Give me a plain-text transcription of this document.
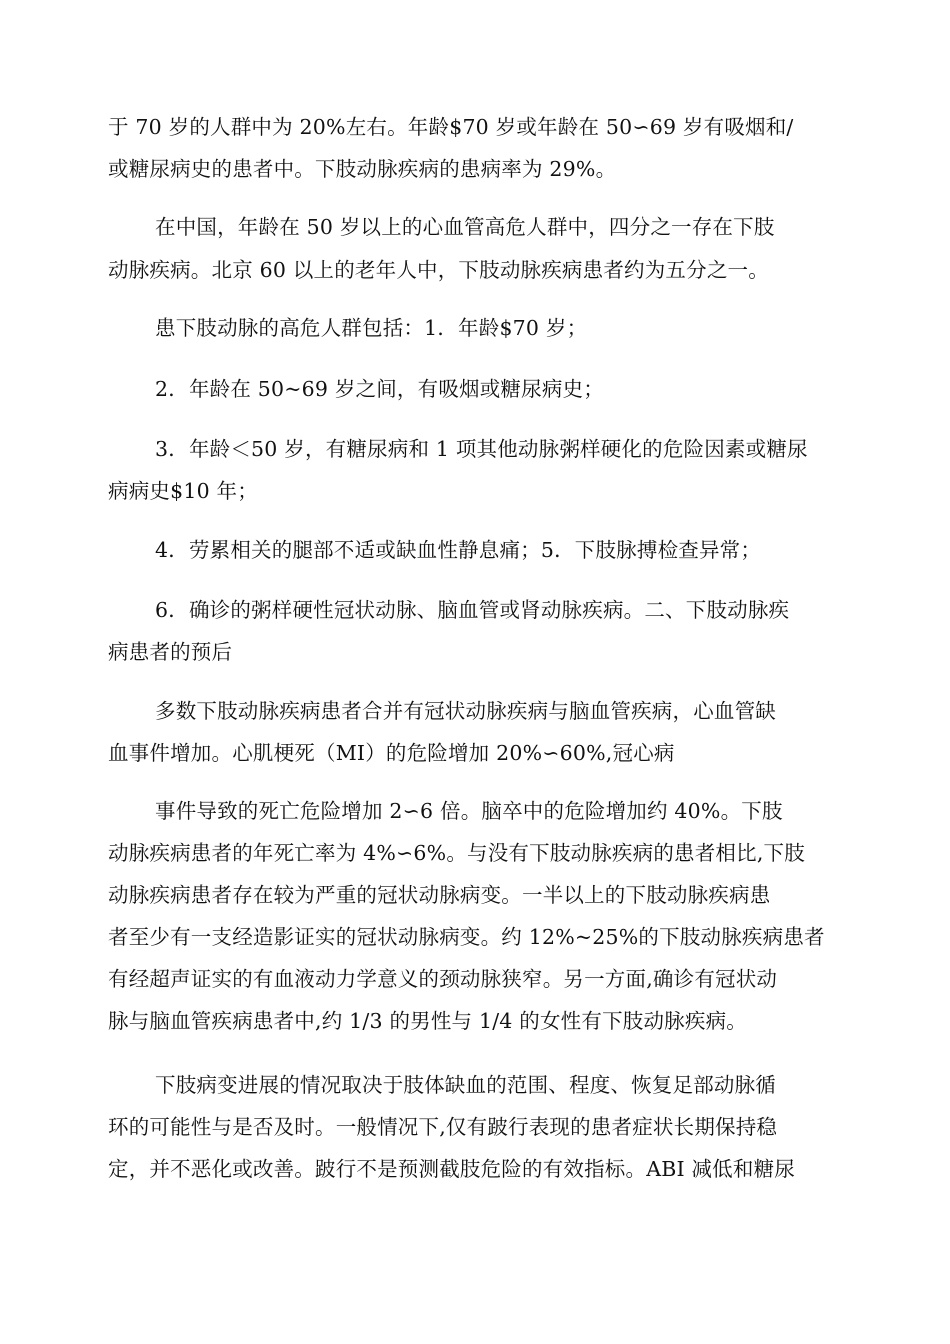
于 70 岁的人群中为 20%左右。年龄$70 岁或年龄在 50∽69 岁有吸烟和/
或糖尿病史的患者中。下肢动脉疾病的患病率为 29%。
在中国，年龄在 50 岁以上的心血管高危人群中，四分之一存在下肢
动脉疾病。北京 60 以上的老年人中，下肢动脉疾病患者约为五分之一。
患下肢动脉的高危人群包括：1．年龄$70 岁；
2．年龄在 50~69 岁之间，有吸烟或糖尿病史；
3．年龄＜50 岁，有糖尿病和 1 项其他动脉粥样硬化的危险因素或糖尿
病病史$10 年；
4．劳累相关的腿部不适或缺血性静息痛；5．下肢脉搏检查异常；
6．确诊的粥样硬性冠状动脉、脑血管或肾动脉疾病。二、下肢动脉疾
病患者的预后
多数下肢动脉疾病患者合并有冠状动脉疾病与脑血管疾病，心血管缺
血事件增加。心肌梗死（MI）的危险增加 20%∽60%,冠心病
事件导致的死亡危险增加 2∽6 倍。脑卒中的危险增加约 40%。下肢
动脉疾病患者的年死亡率为 4%∽6%。与没有下肢动脉疾病的患者相比,下肢
动脉疾病患者存在较为严重的冠状动脉病变。一半以上的下肢动脉疾病患
者至少有一支经造影证实的冠状动脉病变。约 12%~25%的下肢动脉疾病患者
有经超声证实的有血液动力学意义的颈动脉狭窄。另一方面,确诊有冠状动
脉与脑血管疾病患者中,约 1/3 的男性与 1/4 的女性有下肢动脉疾病。
下肢病变进展的情况取决于肢体缺血的范围、程度、恢复足部动脉循
环的可能性与是否及时。一般情况下,仅有跛行表现的患者症状长期保持稳
定，并不恶化或改善。跛行不是预测截肢危险的有效指标。ABI 减低和糖尿
